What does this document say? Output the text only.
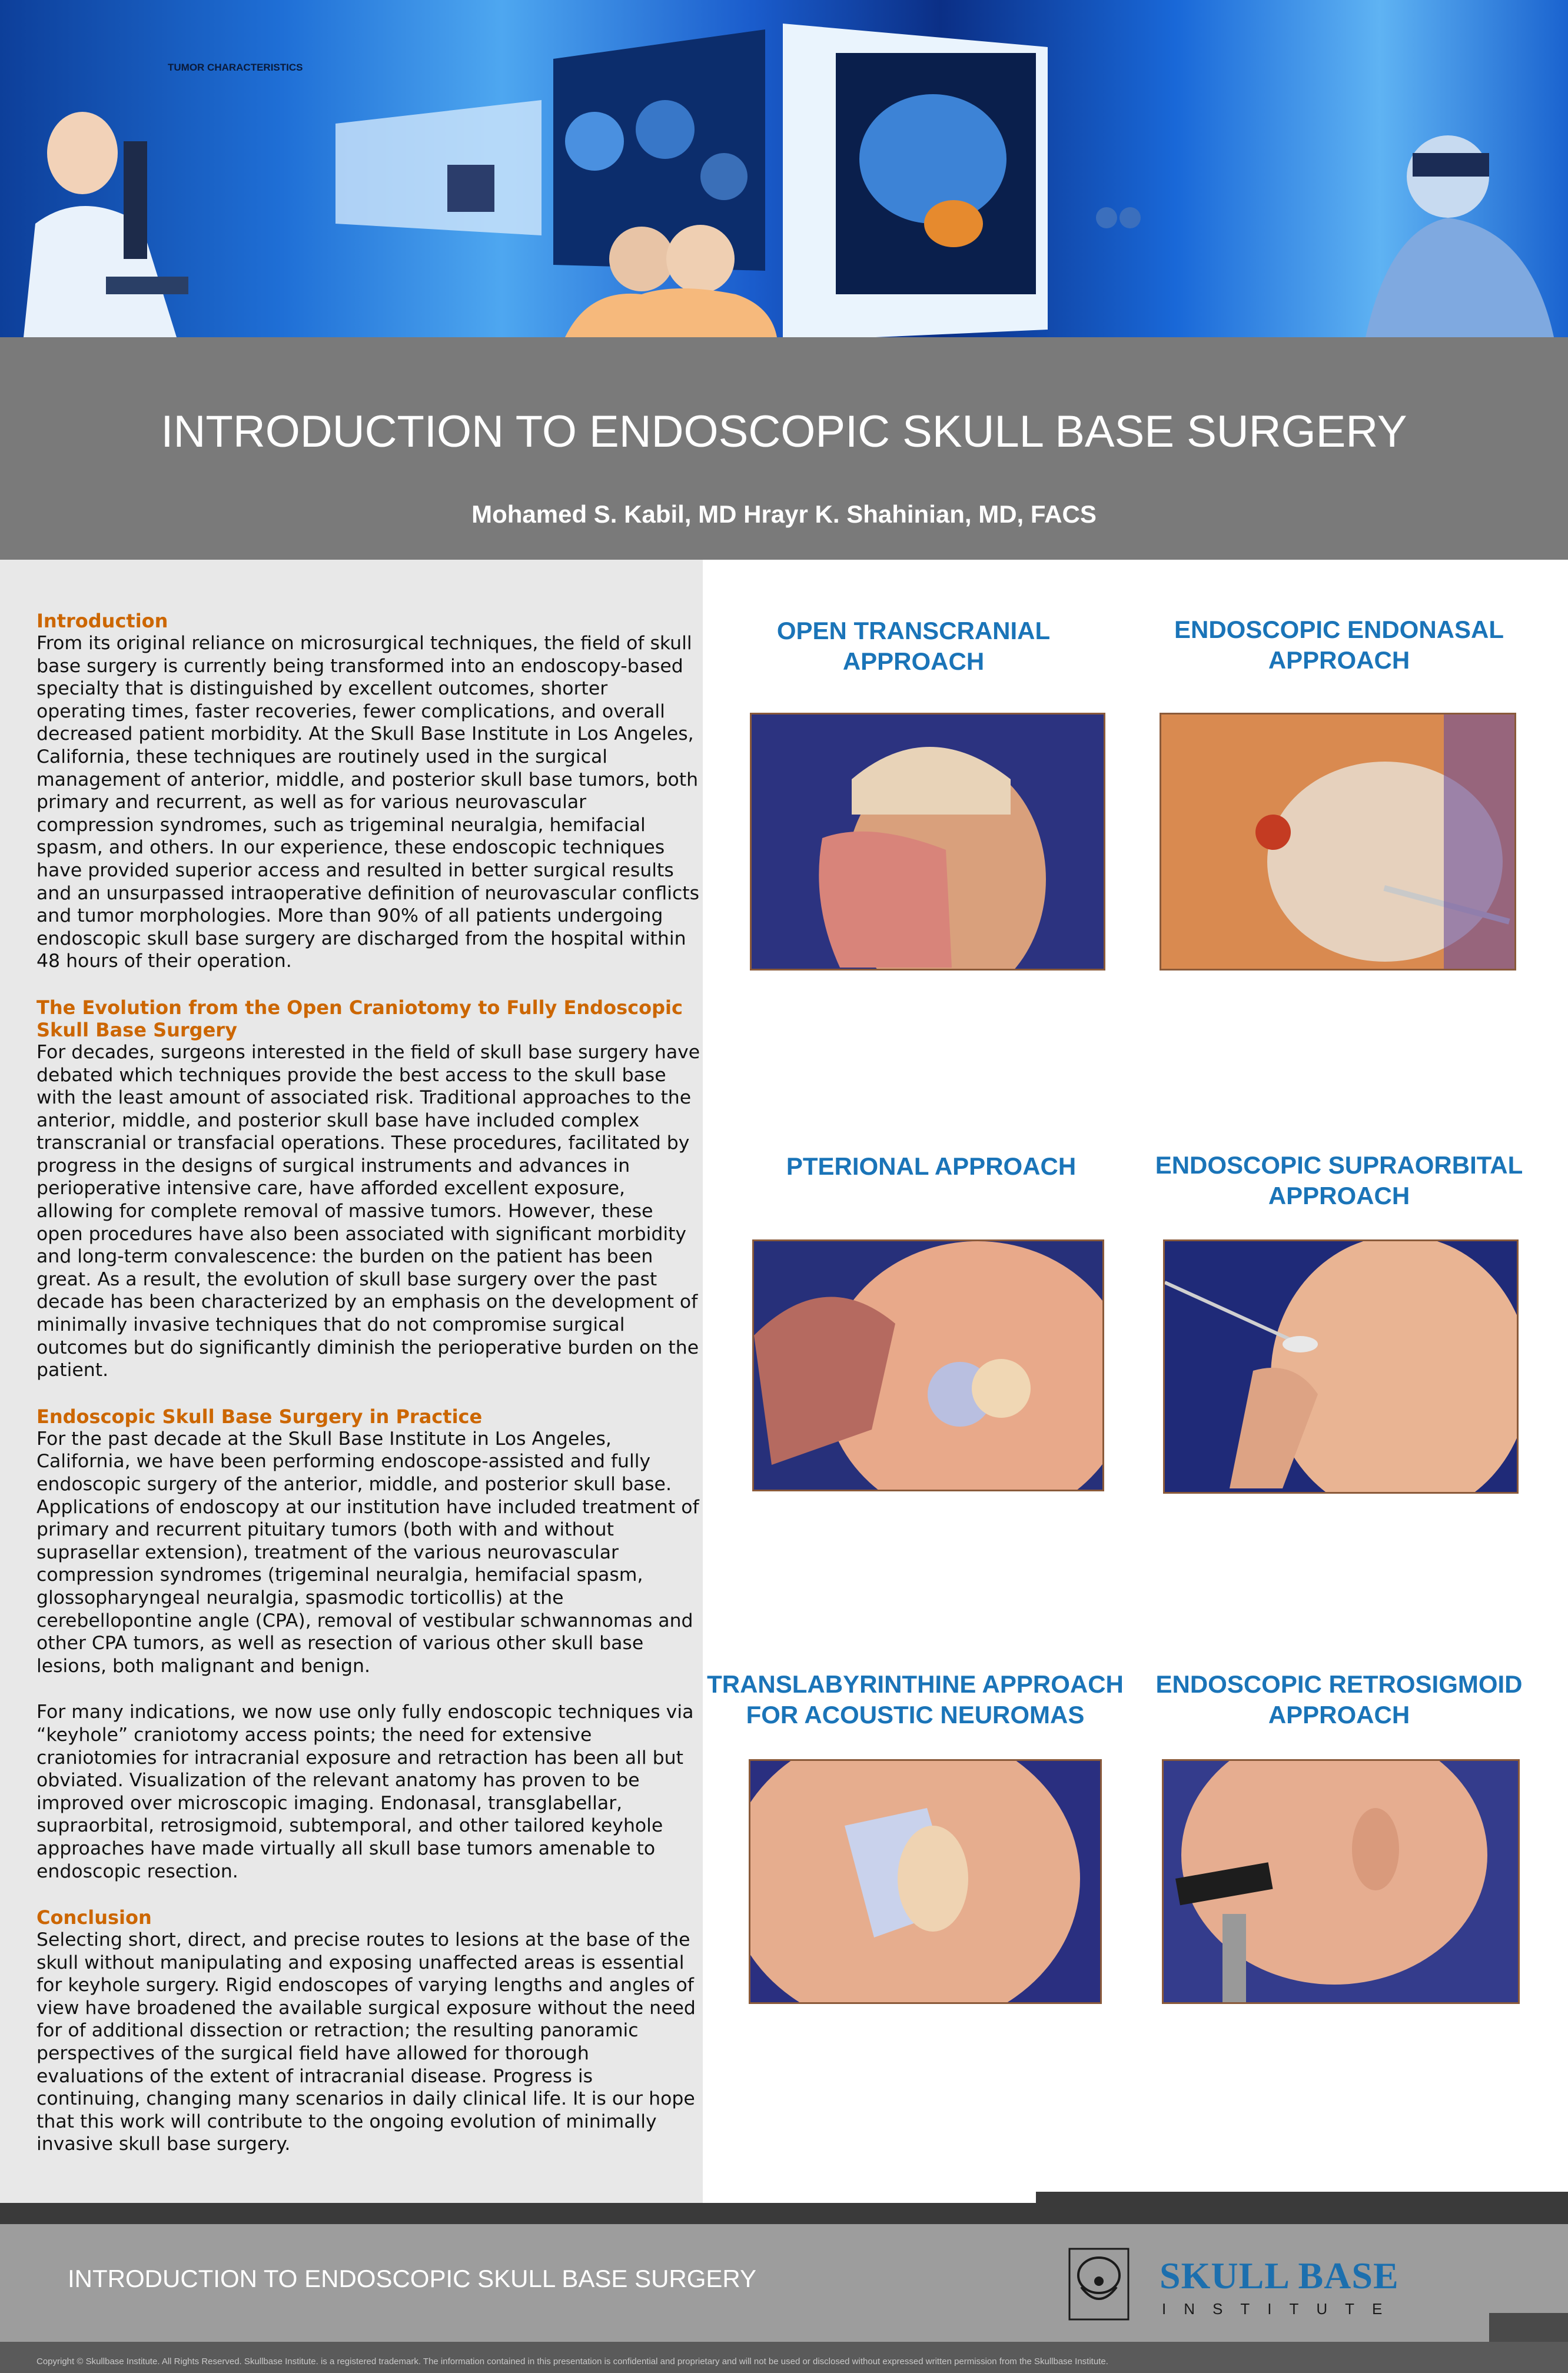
TUMOR CHARACTERISTICS
INTRODUCTION TO ENDOSCOPIC SKULL BASE SURGERY
Mohamed S. Kabil, MD Hrayr K. Shahinian, MD, FACS

Introduction

From its original reliance on microsurgical techniques, the field of skull base surgery is currently being transformed into an endoscopy-based specialty that is distinguished by excellent outcomes, shorter operating times, faster recoveries, fewer complications, and overall decreased patient morbidity. At the Skull Base Institute in Los Angeles, California, these techniques are routinely used in the surgical management of anterior, middle, and posterior skull base tumors, both primary and recurrent, as well as for various neurovascular compression syndromes, such as trigeminal neuralgia, hemifacial spasm, and others. In our experience, these endoscopic techniques have provided superior access and resulted in better surgical results and an unsurpassed intraoperative definition of neurovascular conflicts and tumor morphologies. More than 90% of all patients undergoing endoscopic skull base surgery are discharged from the hospital within 48 hours of their operation.

The Evolution from the Open Craniotomy to Fully Endoscopic Skull Base Surgery

For decades, surgeons interested in the field of skull base surgery have debated which techniques provide the best access to the skull base with the least amount of associated risk. Traditional approaches to the anterior, middle, and posterior skull base have included complex transcranial or transfacial operations. These procedures, facilitated by progress in the designs of surgical instruments and advances in perioperative intensive care, have afforded excellent exposure, allowing for complete removal of massive tumors. However, these open procedures have also been associated with significant morbidity and long-term convalescence: the burden on the patient has been great. As a result, the evolution of skull base surgery over the past decade has been characterized by an emphasis on the development of minimally invasive techniques that do not compromise surgical outcomes but do significantly diminish the perioperative burden on the patient.

Endoscopic Skull Base Surgery in Practice

For the past decade at the Skull Base Institute in Los Angeles, California, we have been performing endoscope-assisted and fully endoscopic surgery of the anterior, middle, and posterior skull base. Applications of endoscopy at our institution have included treatment of primary and recurrent pituitary tumors (both with and without suprasellar extension), treatment of the various neurovascular compression syndromes (trigeminal neuralgia, hemifacial spasm, glossopharyngeal neuralgia, spasmodic torticollis) at the cerebellopontine angle (CPA), removal of vestibular schwannomas and other CPA tumors, as well as resection of various other skull base lesions, both malignant and benign.

For many indications, we now use only fully endoscopic techniques via “keyhole” craniotomy access points; the need for extensive craniotomies for intracranial exposure and retraction has been all but obviated. Visualization of the relevant anatomy has proven to be improved over microscopic imaging. Endonasal, transglabellar, supraorbital, retrosigmoid, subtemporal, and other tailored keyhole approaches have made virtually all skull base tumors amenable to endoscopic resection.

Conclusion

Selecting short, direct, and precise routes to lesions at the base of the skull without manipulating and exposing unaffected areas is essential for keyhole surgery. Rigid endoscopes of varying lengths and angles of view have broadened the available surgical exposure without the need for of additional dissection or retraction; the resulting panoramic perspectives of the surgical field have allowed for thorough evaluations of the extent of intracranial disease. Progress is continuing, changing many scenarios in daily clinical life. It is our hope that this work will contribute to the ongoing evolution of minimally invasive skull base surgery.

OPEN TRANSCRANIAL APPROACH
ENDOSCOPIC ENDONASAL APPROACH
PTERIONAL APPROACH	ENDOSCOPIC SUPRAORBITAL APPROACH
TRANSLABYRINTHINE APPROACH FOR ACOUSTIC NEUROMAS
ENDOSCOPIC RETROSIGMOID APPROACH
INTRODUCTION TO ENDOSCOPIC SKULL BASE SURGERY	SKULL BASE
INSTITUTE
Copyright © Skullbase Institute. All Rights Reserved. Skullbase Institute. is a registered trademark. The information contained in this presentation is confidential and proprietary and will not be used or disclosed without expressed written permission from the Skullbase Institute.
